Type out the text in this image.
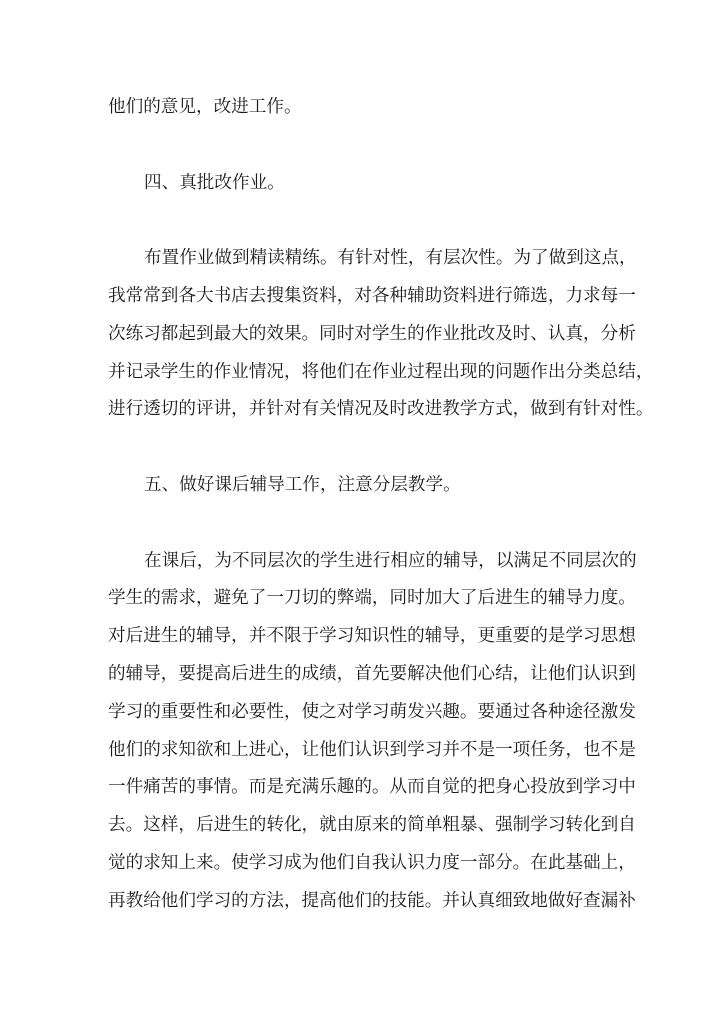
他们的意见，改进工作。
四、真批改作业。
布置作业做到精读精练。有针对性，有层次性。为了做到这点，
我常常到各大书店去搜集资料，对各种辅助资料进行筛选，力求每一
次练习都起到最大的效果。同时对学生的作业批改及时、认真，分析
并记录学生的作业情况，将他们在作业过程出现的问题作出分类总结，
进行透切的评讲，并针对有关情况及时改进教学方式，做到有针对性。
五、做好课后辅导工作，注意分层教学。
在课后，为不同层次的学生进行相应的辅导，以满足不同层次的
学生的需求，避免了一刀切的弊端，同时加大了后进生的辅导力度。
对后进生的辅导，并不限于学习知识性的辅导，更重要的是学习思想
的辅导，要提高后进生的成绩，首先要解决他们心结，让他们认识到
学习的重要性和必要性，使之对学习萌发兴趣。要通过各种途径激发
他们的求知欲和上进心，让他们认识到学习并不是一项任务，也不是
一件痛苦的事情。而是充满乐趣的。从而自觉的把身心投放到学习中
去。这样，后进生的转化，就由原来的简单粗暴、强制学习转化到自
觉的求知上来。使学习成为他们自我认识力度一部分。在此基础上，
再教给他们学习的方法，提高他们的技能。并认真细致地做好查漏补
